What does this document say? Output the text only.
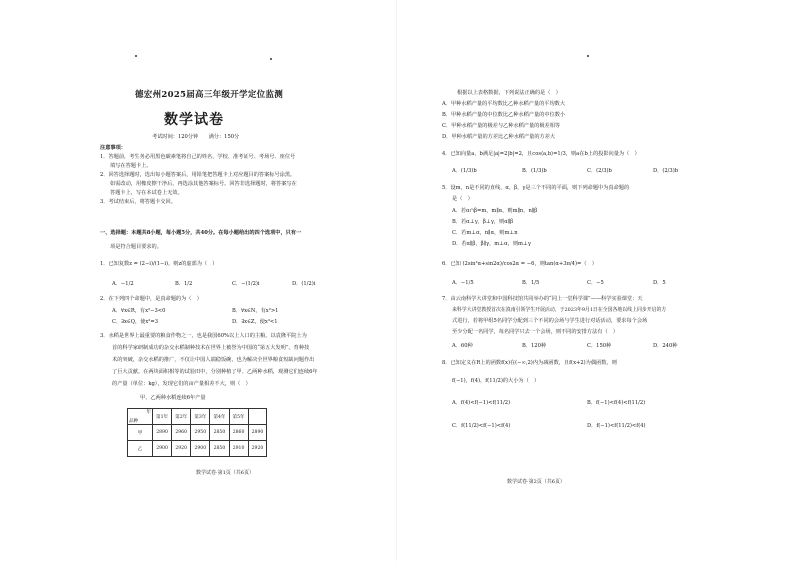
德宏州2025届高三年级开学定位监测
数学试卷
考试时间：120分钟　　满分：150分
注意事项：
1．答题前，考生务必用黑色碳素笔将自己的姓名、学校、准考证号、考场号、座位号
填写在答题卡上。
2．回答选择题时，选出每小题答案后，用铅笔把答题卡上对应题目的答案标号涂黑。
如需改动，用橡皮擦干净后，再选涂其他答案标号。回答非选择题时，将答案写在
答题卡上，写在本试卷上无效。
3．考试结束后，将答题卡交回。
一、选择题：本题共8小题，每小题5分，共40分。在每小题给出的四个选项中，只有一
项是符合题目要求的。
1．已知复数z = (2−i)/(1−i)，则z的虚部为（　）
A．−1/2	B．1/2	C．−(1/2)i	D．(1/2)i
2．在下列四个命题中，是真命题的为（　）
A．∀x∈R，有x²−3<0	B．∀x∈N，有x²>1
C．∃x∈Q，使x²=3	D．∃x∈Z，使x³<1
3．水稻是世界上最重要的粮食作物之一，也是我国60%以上人口的主粮。以袁隆平院士为
首的科学家研制成功的杂交水稻制种技术在世界上被誉为中国的“第五大发明”。育种技
术的突破，杂交水稻的推广，不仅让中国人端稳饭碗，也为解决全世界粮食短缺问题作出
了巨大贡献。在两块面积相等的试验田中，分别种植了甲、乙两种水稻，观测它们连续6年
的产量（单位：kg），发现它们的亩产量相差不大，则（　）
甲、乙两种水稻连续6年产量
年
品种	第1年	第2年	第3年	第4年	第5年	
甲	2890	2960	2950	2850	2860	2890
乙	2900	2920	2900	2850	2910	2920
数学试卷·第1页（共6页）
根据以上表格数据，下列说法正确的是（　）
A．甲种水稻产量的平均数比乙种水稻产量的平均数大
B．甲种水稻产量的中位数比乙种水稻产量的中位数小
C．甲种水稻产量的极差与乙种水稻产量的极差相等
D．甲种水稻产量的方差比乙种水稻产量的方差大
4．已知向量a，b满足|a|=2|b|=2，且cos⟨a,b⟩=1/3，则a在b上的投影向量为（　）
A．(1/3)b	B．(1/3)b	C．(2/3)b	D．(2/3)b
5．设m，n是不同的直线，α，β，γ是三个不同的平面，则下列命题中为真命题的
是（　）
A．若α∩β=m，m∥α，则m∥n，n∥β
B．若α⊥γ，β⊥γ，则α∥β
C．若m⊥α，n∥α，则m⊥n
D．若α∥β，β∥γ，m⊥α，则m⊥γ
6．已知 (2sin²α+sin2α)/cos2α = −6，则tan(α+3π/4)=（　）
A．−1/5	B．1/5	C．−5	D．5
7．由云南科学大讲堂和中国科技馆共同举办的“同上一堂科学课”——科学实验课堂：天
来科学大讲堂教授首次在滇南引领学生开展活动，于2023年9月1日在全国各地以线上同步开启的方
式进行，若将甲组5名同学分配到三个不同的会场与学生进行对话活动，要求每个会场
至少分配一名同学，每名同学只去一个会场，则不同的安排方法有（　）
A．60种	B．120种	C．150种	D．240种
8．已知定义在R上的函数f(x)在(−∞,2)内为减函数，且f(x+2)为偶函数，则
f(−1)，f(4)，f(11/2)的大小为（　）
A．f(4)<f(−1)<f(11/2)	B．f(−1)<f(4)<f(11/2)
C．f(11/2)<f(−1)<f(4)	D．f(−1)<f(11/2)<f(4)
数学试卷·第2页（共6页）
